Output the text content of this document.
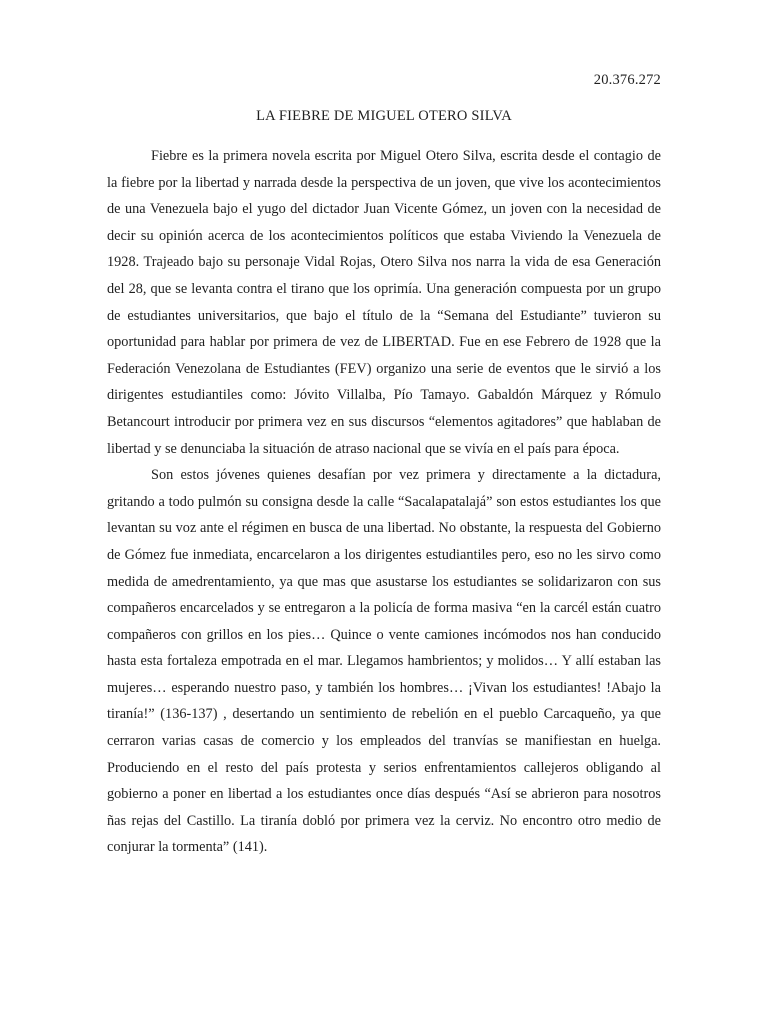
20.376.272
LA FIEBRE DE MIGUEL OTERO SILVA

Fiebre es la primera novela escrita por Miguel Otero Silva, escrita desde el contagio de la fiebre por la libertad y narrada desde la perspectiva de un joven, que vive los acontecimientos de una Venezuela bajo el yugo del dictador Juan Vicente Gómez, un joven con la necesidad de decir su opinión acerca de los acontecimientos políticos que estaba Viviendo la Venezuela de 1928. Trajeado bajo su personaje Vidal Rojas, Otero Silva nos narra la vida de esa Generación del 28, que se levanta contra el tirano que los oprimía. Una generación compuesta por un grupo de estudiantes universitarios, que bajo el título de la “Semana del Estudiante” tuvieron su oportunidad para hablar por primera de vez de LIBERTAD. Fue en ese Febrero de 1928 que la Federación Venezolana de Estudiantes (FEV) organizo una serie de eventos que le sirvió a los dirigentes estudiantiles como: Jóvito Villalba, Pío Tamayo. Gabaldón Márquez y Rómulo Betancourt introducir por primera vez en sus discursos “elementos agitadores” que hablaban de libertad y se denunciaba la situación de atraso nacional que se vivía en el país para época.

Son estos jóvenes quienes desafían por vez primera y directamente a la dictadura, gritando a todo pulmón su consigna desde la calle “Sacalapatalajá” son estos estudiantes los que levantan su voz ante el régimen en busca de una libertad. No obstante, la respuesta del Gobierno de Gómez fue inmediata, encarcelaron a los dirigentes estudiantiles pero, eso no les sirvo como medida de amedrentamiento, ya que mas que asustarse los estudiantes se solidarizaron con sus compañeros encarcelados y se entregaron a la policía de forma masiva “en la carcél están cuatro compañeros con grillos en los pies… Quince o vente camiones incómodos nos han conducido hasta esta fortaleza empotrada en el mar. Llegamos hambrientos; y molidos… Y allí estaban las mujeres… esperando nuestro paso, y también los hombres… ¡Vivan los estudiantes! !Abajo la tiranía!” (136-137) , desertando un sentimiento de rebelión en el pueblo Carcaqueño, ya que cerraron varias casas de comercio y los empleados del tranvías se manifiestan en huelga. Produciendo en el resto del país protesta y serios enfrentamientos callejeros obligando al gobierno a poner en libertad a los estudiantes once días después “Así se abrieron para nosotros ñas rejas del Castillo. La tiranía dobló por primera vez la cerviz. No encontro otro medio de conjurar la tormenta” (141).
